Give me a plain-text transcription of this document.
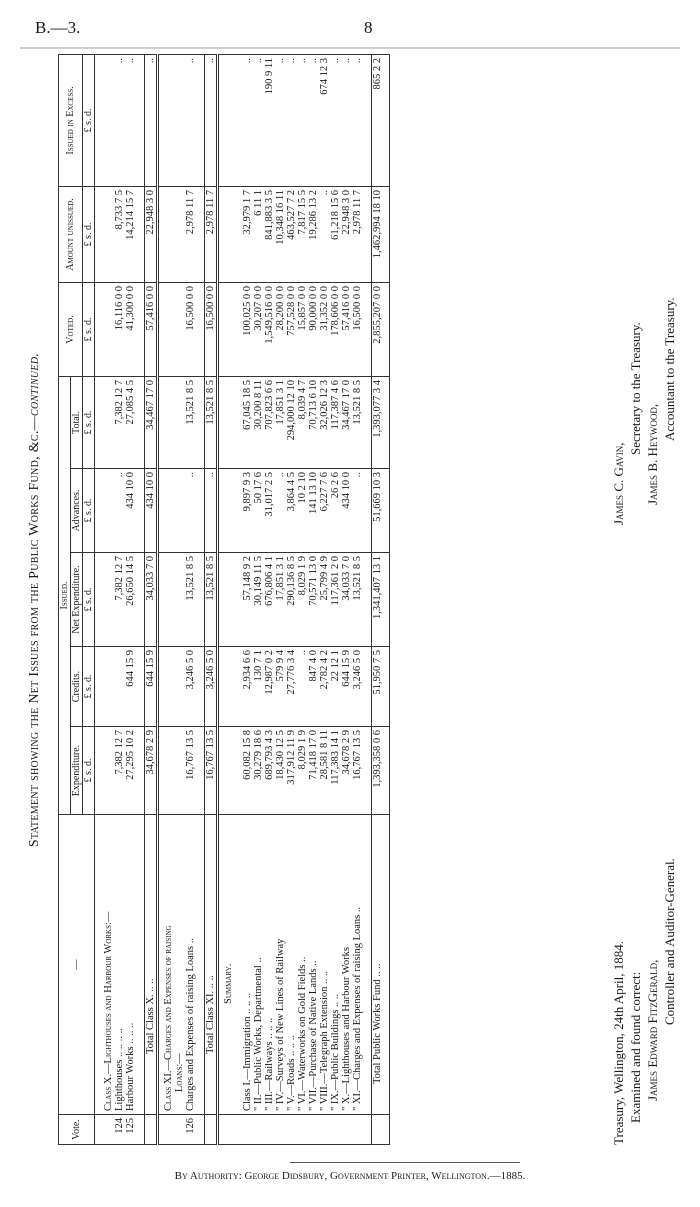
B.—3.	8
Statement showing the Net Issues from the Public Works Fund, &c.—continued.
Vote.	—	Issued.					Voted.	Amount unissued.	Issued in Excess.
		Expenditure.	Credits.	Net Expenditure.	Advances.	Total.			
		£ s. d.	£ s. d.	£ s. d.	£ s. d.	£ s. d.	£ s. d.	£ s. d.	£ s. d.

	Class X.—Lighthouses and Harbour Works:—								
124	Lighthouses .. .. .. ..	7,382 12 7		7,382 12 7	..	7,382 12 7	16,116 0 0	8,733 7 5	..
125	Harbour Works .. .. ..	27,295 10 2	644 15 9	26,650 14 5	434 10 0	27,085 4 5	41,300 0 0	14,214 15 7	..

	Total Class X. .. ..	34,678 2 9	644 15 9	34,033 7 0	434 10 0	34,467 17 0	57,416 0 0	22,948 3 0	..

	Class XI.—Charges and Expenses of raising								
	Loans:—								
126	Charges and Expenses of raising Loans ..	16,767 13 5	3,246 5 0	13,521 8 5	..	13,521 8 5	16,500 0 0	2,978 11 7	..

	Total Class XI. .. ..	16,767 13 5	3,246 5 0	13,521 8 5	..	13,521 8 5	16,500 0 0	2,978 11 7	..

	Summary.								

	Class I.—Immigration .. .. ..	60,082 15 8	2,934 6 6	57,148 9 2	9,897 9 3	67,045 18 5	100,025 0 0	32,979 1 7	..
	" II.—Public Works, Departmental ..	30,279 18 6	130 7 1	30,149 11 5	50 17 6	30,200 8 11	30,207 0 0	6 11 1	..
	" III.—Railways .. .. ..	689,793 4 3	12,987 0 2	676,806 4 1	31,017 2 5	707,823 6 6	1,549,516 0 0	841,883 3 5	190 9 11
	" IV.—Surveys of New Lines of Railway	18,430 12 5	579 9 4	17,851 3 1	..	17,851 3 1	28,200 0 0	10,348 16 11	..
	" V.—Roads .. .. ..	317,912 11 9	27,776 3 4	290,136 8 5	3,864 4 5	294,000 12 10	757,528 0 0	463,527 7 2	..
	" VI.—Waterworks on Gold Fields ..	8,029 1 9	..	8,029 1 9	10 2 10	8,039 4 7	15,857 0 0	7,817 15 5	..
	" VII.—Purchase of Native Lands ..	71,418 17 0	847 4 0	70,571 13 0	141 13 10	70,713 6 10	90,000 0 0	19,286 13 2	..
	" VIII.—Telegraph Extension .. ..	28,581 8 11	2,782 4 2	25,799 4 9	6,227 7 6	32,026 12 3	31,352 0 0	..	674 12 3
	" IX.—Public Buildings .. ..	117,383 14 1	22 12 1	117,361 2 0	26 2 6	117,387 4 6	178,606 0 0	61,218 15 6	..
	" X.—Lighthouses and Harbour Works	34,678 2 9	644 15 9	34,033 7 0	434 10 0	34,467 17 0	57,416 0 0	22,948 3 0	..
	" XI.—Charges and Expenses of raising Loans ..	16,767 13 5	3,246 5 0	13,521 8 5	..	13,521 8 5	16,500 0 0	2,978 11 7	..

	Total Public Works Fund .. ..	1,393,358 0 6	51,950 7 5	1,341,407 13 1	51,669 10 3	1,393,077 3 4	2,855,207 0 0	1,462,994 18 10	865 2 2

Treasury, Wellington, 24th April, 1884. Examined and found correct: James Edward FitzGerald,
Controller and Auditor-General.
James C. Gavin,
Secretary to the Treasury. James B. Heywood,
Accountant to the Treasury.
By Authority: George Didsbury, Government Printer, Wellington.—1885.
